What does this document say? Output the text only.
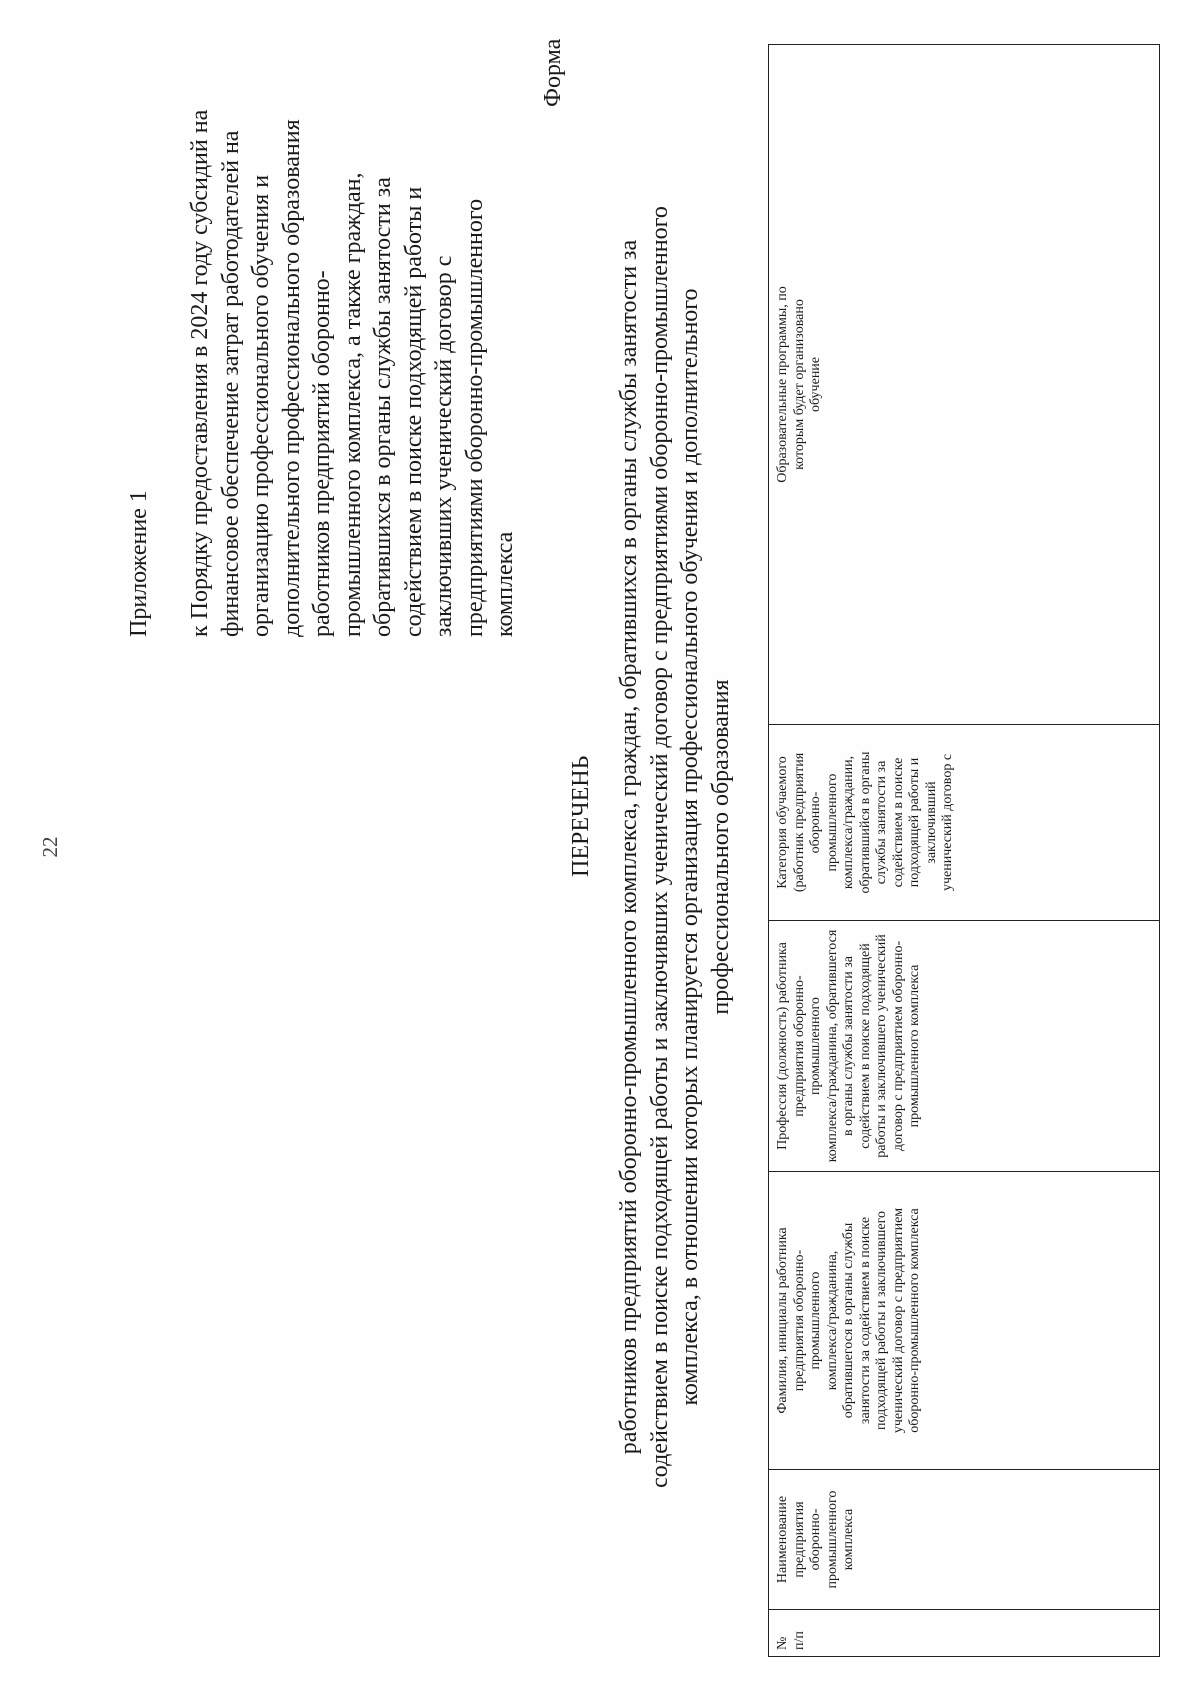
22
Приложение 1 к Порядку предоставления в 2024 году субсидий на
финансовое обеспечение затрат работодателей на
организацию профессионального обучения и
дополнительного профессионального образования
работников предприятий оборонно-
промышленного комплекса, а также граждан,
обратившихся в органы службы занятости за
содействием в поиске подходящей работы и
заключивших ученический договор с
предприятиями оборонно-промышленного
комплекса

Форма

ПЕРЕЧЕНЬ

работников предприятий оборонно-промышленного комплекса, граждан, обратившихся в органы службы занятости за
содействием в поиске подходящей работы и заключивших ученический договор с предприятиями оборонно-промышленного
комплекса, в отношении которых планируется организация профессионального обучения и дополнительного
профессионального образования

№
п/п	Наименование
предприятия
оборонно-
промышленного
комплекса	Фамилия, инициалы работника
предприятия оборонно-
промышленного
комплекса/гражданина,
обратившегося в органы службы
занятости за содействием в поиске
подходящей работы и заключившего
ученический договор с предприятием
оборонно-промышленного комплекса	Профессия (должность) работника
предприятия оборонно-
промышленного
комплекса/гражданина, обратившегося
в органы службы занятости за
содействием в поиске подходящей
работы и заключившего ученический
договор с предприятием оборонно-
промышленного комплекса	Категория обучаемого
(работник предприятия
оборонно-
промышленного
комплекса/граждании,
обратившийся в органы
службы занятости за
содействием в поиске
подходящей работы и
заключивший
ученический договор с	Образовательные программы, по
которым будет организовано
обучение
